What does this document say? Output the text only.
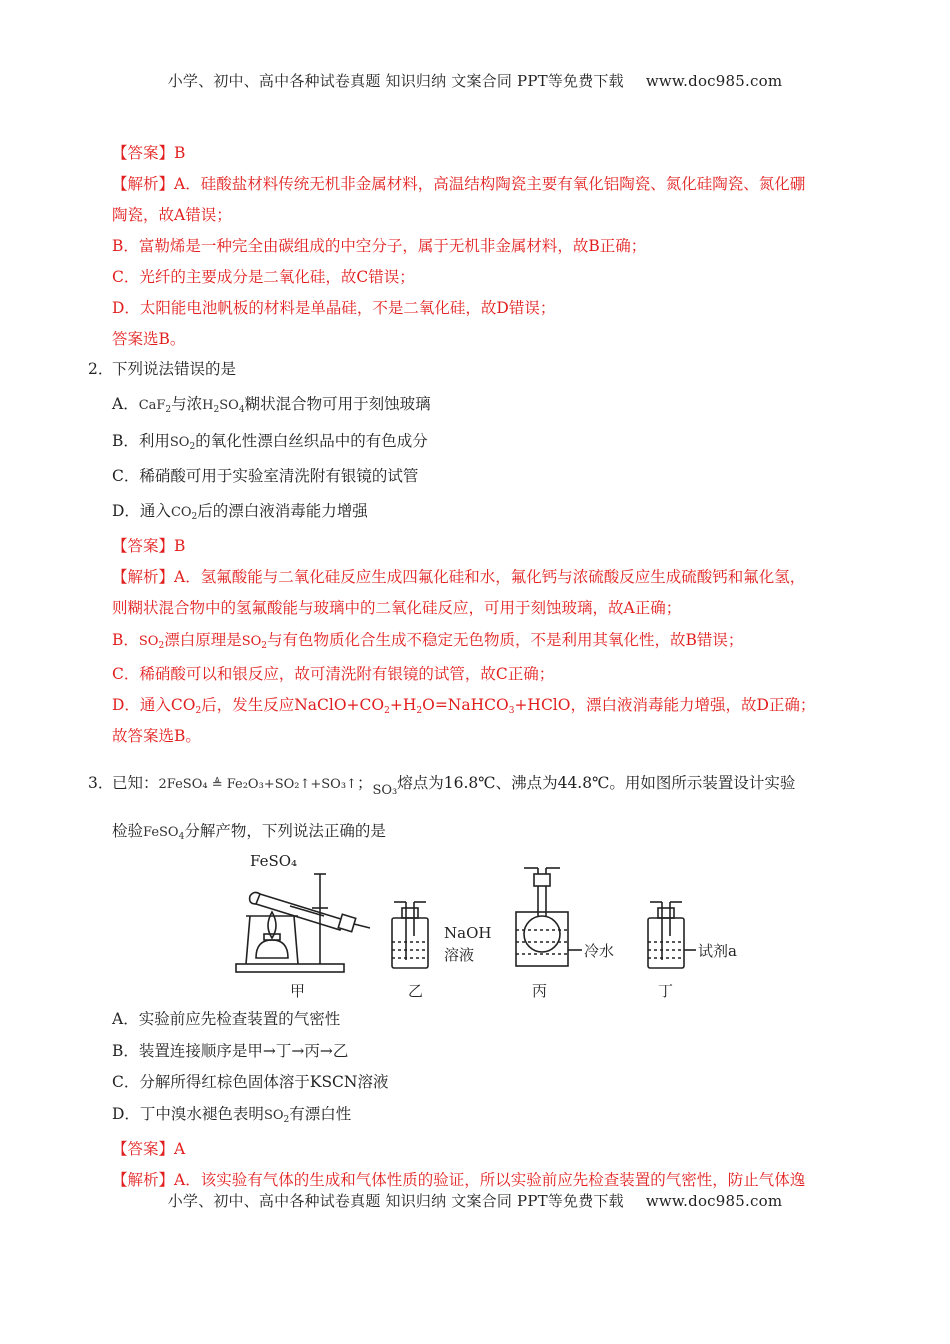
小学、初中、高中各种试卷真题 知识归纳 文案合同 PPT等免费下载 www.doc985.com
【答案】B
【解析】A．硅酸盐材料传统无机非金属材料，高温结构陶瓷主要有氧化铝陶瓷、氮化硅陶瓷、氮化硼
陶瓷，故A错误；
B．富勒烯是一种完全由碳组成的中空分子，属于无机非金属材料，故B正确；
C．光纤的主要成分是二氧化硅，故C错误；
D．太阳能电池帆板的材料是单晶硅，不是二氧化硅，故D错误；
答案选B。
2．
下列说法错误的是
A．CaF$_2$与浓$H_2SO_4$糊状混合物可用于刻蚀玻璃
B．利用$SO_2$的氧化性漂白丝织品中的有色成分
C．稀硝酸可用于实验室清洗附有银镜的试管
D．通入$CO_2$后的漂白液消毒能力增强
【答案】B
【解析】A．氢氟酸能与二氧化硅反应生成四氟化硅和水，氟化钙与浓硫酸反应生成硫酸钙和氟化氢，
则糊状混合物中的氢氟酸能与玻璃中的二氧化硅反应，可用于刻蚀玻璃，故A正确；
B．$SO_2$漂白原理是$SO_2$与有色物质化合生成不稳定无色物质，不是利用其氧化性，故B错误；
C．稀硝酸可以和银反应，故可清洗附有银镜的试管，故C正确；
D．通入$CO_2$后，发生反应$NaClO+CO_2+H_2O=NaHCO_3+HClO$，漂白液消毒能力增强，故D正确；
故答案选B。
3．
已知：2FeSO₄ ≜ Fe₂O₃+SO₂↑+SO₃↑；$_{SO_3}$熔点为16.8℃、沸点为44.8℃。用如图所示装置设计实验
检验FeSO$_4$分解产物，下列说法正确的是
FeSO₄
NaOH
溶液	冷水	试剂a
甲	乙	丙	丁
A．实验前应先检查装置的气密性
B．装置连接顺序是甲→丁→丙→乙
C．分解所得红棕色固体溶于KSCN溶液
D．丁中溴水褪色表明$SO_2$有漂白性
【答案】A
【解析】A．该实验有气体的生成和气体性质的验证，所以实验前应先检查装置的气密性，防止气体逸
小学、初中、高中各种试卷真题 知识归纳 文案合同 PPT等免费下载 www.doc985.com
